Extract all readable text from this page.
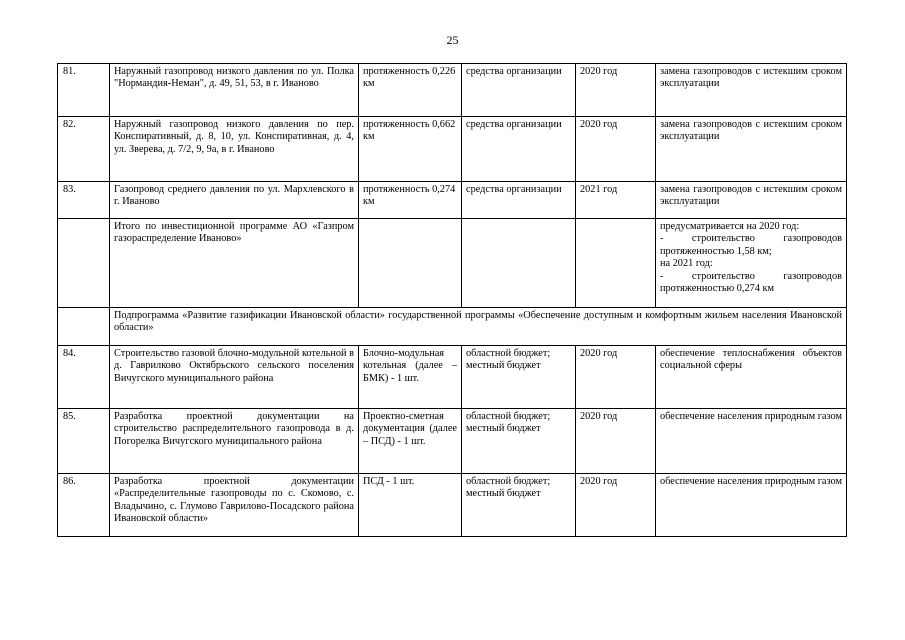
25
81.	Наружный газопровод низкого давления по ул. Полка "Нормандия-Неман", д. 49, 51, 53, в г. Иваново	протяженность 0,226 км	средства организации	2020 год	замена газопроводов с истекшим сроком эксплуатации
82.	Наружный газопровод низкого давления по пер. Конспиративный, д. 8, 10, ул. Конспиративная, д. 4, ул. Зверева, д. 7/2, 9, 9а, в г. Иваново	протяженность 0,662 км	средства организации	2020 год	замена газопроводов с истекшим сроком эксплуатации
83.	Газопровод среднего давления по ул. Мархлевского в г. Иваново	протяженность 0,274 км	средства организации	2021 год	замена газопроводов с истекшим сроком эксплуатации
	Итого по инвестиционной программе АО «Газпром газораспределение Иваново»				предусматривается на 2020 год:
- строительство газопроводов протяженностью 1,58 км;
на 2021 год:
- строительство газопроводов протяженностью 0,274 км

	Подпрограмма «Развитие газификации Ивановской области» государственной программы «Обеспечение доступным и комфортным жильем населения Ивановской области»				
84.	Строительство газовой блочно-модульной котельной в д. Гаврилково Октябрьского сельского поселения Вичугского муниципального района	Блочно-модульная котельная (далее – БМК) - 1 шт.	областной бюджет; местный бюджет	2020 год	обеспечение теплоснабжения объектов социальной сферы
85.	Разработка проектной документации на строительство распределительного газопровода в д. Погорелка Вичугского муниципального района	Проектно-сметная документация (далее – ПСД) - 1 шт.	областной бюджет; местный бюджет	2020 год	обеспечение населения природным газом
86.	Разработка проектной документации «Распределительные газопроводы по с. Скомово, с. Владычино, с. Глумово Гаврилово-Посадского района Ивановской области»	ПСД - 1 шт.	областной бюджет; местный бюджет	2020 год	обеспечение населения природным газом
